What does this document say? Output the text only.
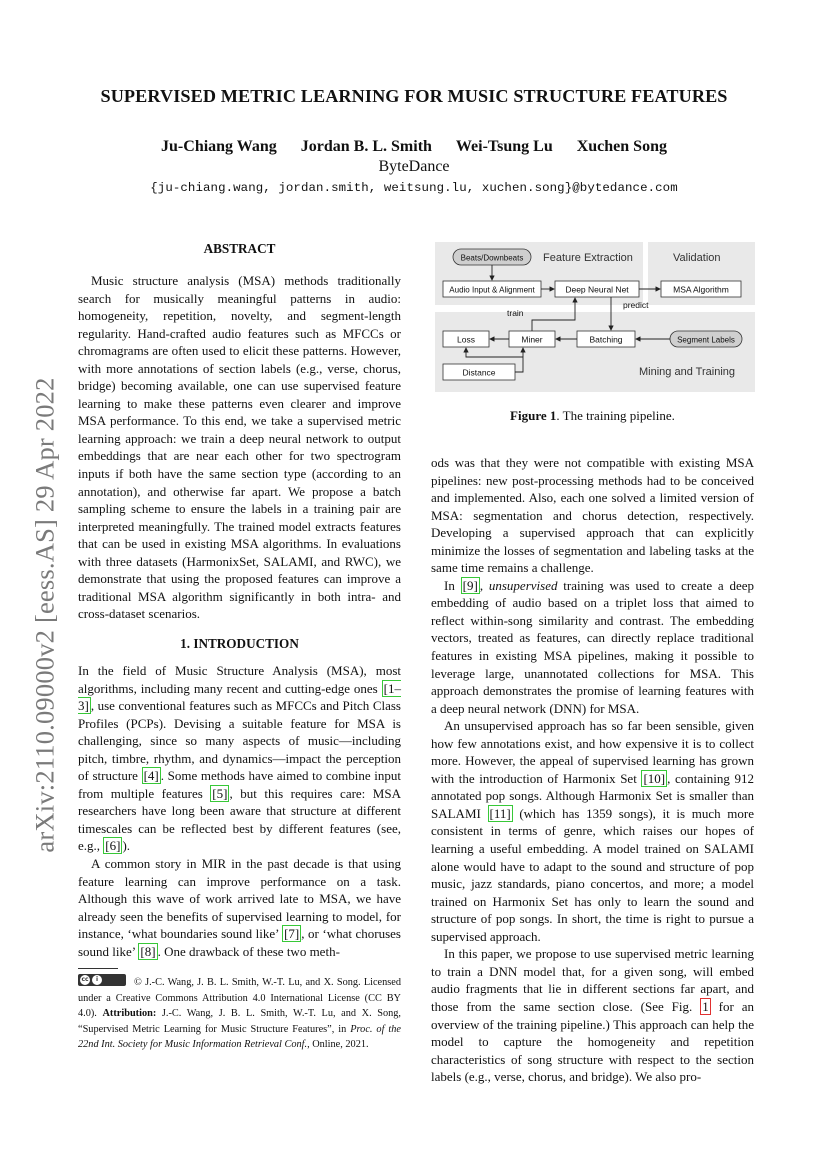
arXiv:2110.09000v2 [eess.AS] 29 Apr 2022
SUPERVISED METRIC LEARNING FOR MUSIC STRUCTURE FEATURES
Ju-Chiang Wang Jordan B. L. Smith Wei-Tsung Lu Xuchen Song
ByteDance
{ju-chiang.wang, jordan.smith, weitsung.lu, xuchen.song}@bytedance.com
ABSTRACT

Music structure analysis (MSA) methods traditionally search for musically meaningful patterns in audio: homogeneity, repetition, novelty, and segment-length regularity. Hand-crafted audio features such as MFCCs or chromagrams are often used to elicit these patterns. However, with more annotations of section labels (e.g., verse, chorus, bridge) becoming available, one can use supervised feature learning to make these patterns even clearer and improve MSA performance. To this end, we take a supervised metric learning approach: we train a deep neural network to output embeddings that are near each other for two spectrogram inputs if both have the same section type (according to an annotation), and otherwise far apart. We propose a batch sampling scheme to ensure the labels in a training pair are interpreted meaningfully. The trained model extracts features that can be used in existing MSA algorithms. In evaluations with three datasets (HarmonixSet, SALAMI, and RWC), we demonstrate that using the proposed features can improve a traditional MSA algorithm significantly in both intra- and cross-dataset scenarios.

1. INTRODUCTION

In the field of Music Structure Analysis (MSA), most algorithms, including many recent and cutting-edge ones [1–3] , use conventional features such as MFCCs and Pitch Class Profiles (PCPs). Devising a suitable feature for MSA is challenging, since so many aspects of music—including pitch, timbre, rhythm, and dynamics—impact the perception of structure [4] . Some methods have aimed to combine input from multiple features [5] , but this requires care: MSA researchers have long been aware that structure at different timescales can be reflected best by different features (see, e.g., [6] ).

A common story in MIR in the past decade is that using feature learning can improve performance on a task. Although this wave of work arrived late to MSA, we have already seen the benefits of supervised learning to model, for instance, ‘what boundaries sound like’ [7] , or ‘what choruses sound like’ [8] . One drawback of these two meth-

cc	i	© J.-C. Wang, J. B. L. Smith, W.-T. Lu, and X. Song. Licensed under a Creative Commons Attribution 4.0 International License (CC BY 4.0). Attribution: J.-C. Wang, J. B. L. Smith, W.-T. Lu, and X. Song, “Supervised Metric Learning for Music Structure Features”, in Proc. of the 22nd Int. Society for Music Information Retrieval Conf., Online, 2021.

Feature Extraction	Validation
Mining and Training
Beats/Downbeats
Audio Input & Alignment	Deep Neural Net	MSA Algorithm
Loss	Miner	Batching	Segment Labels
Distance
predict
train
Figure 1. The training pipeline.

ods was that they were not compatible with existing MSA pipelines: new post-processing methods had to be conceived and implemented. Also, each one solved a limited version of MSA: segmentation and chorus detection, respectively. Developing a supervised approach that can explicitly minimize the losses of segmentation and labeling tasks at the same time remains a challenge.

In [9] , unsupervised training was used to create a deep embedding of audio based on a triplet loss that aimed to reflect within-song similarity and contrast. The embedding vectors, treated as features, can directly replace traditional features in existing MSA pipelines, making it possible to leverage large, unannotated collections for MSA. This approach demonstrates the promise of learning features with a deep neural network (DNN) for MSA.

An unsupervised approach has so far been sensible, given how few annotations exist, and how expensive it is to collect more. However, the appeal of supervised learning has grown with the introduction of Harmonix Set [10] , containing 912 annotated pop songs. Although Harmonix Set is smaller than SALAMI [11] (which has 1359 songs), it is much more consistent in terms of genre, which raises our hopes of learning a useful embedding. A model trained on SALAMI alone would have to adapt to the sound and structure of pop music, jazz standards, piano concertos, and more; a model trained on Harmonix Set has only to learn the sound and structure of pop songs. In short, the time is right to pursue a supervised approach.

In this paper, we propose to use supervised metric learning to train a DNN model that, for a given song, will embed audio fragments that lie in different sections far apart, and those from the same section close. (See Fig. 1 for an overview of the training pipeline.) This approach can help the model to capture the homogeneity and repetition characteristics of song structure with respect to the section labels (e.g., verse, chorus, and bridge). We also pro-
